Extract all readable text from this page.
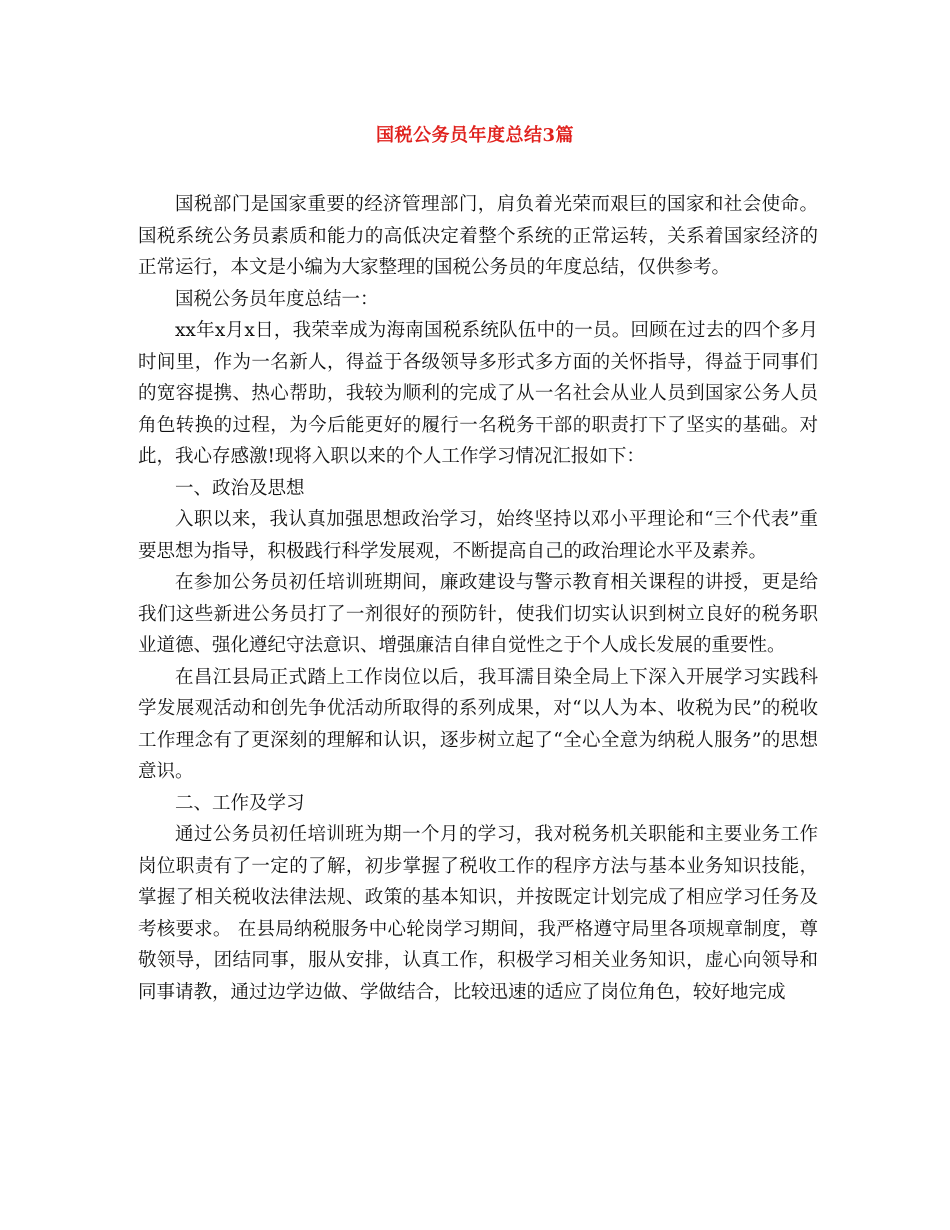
国税公务员年度总结3篇

国税部门是国家重要的经济管理部门，肩负着光荣而艰巨的国家和社会使命。国税系统公务员素质和能力的高低决定着整个系统的正常运转，关系着国家经济的正常运行，本文是小编为大家整理的国税公务员的年度总结，仅供参考。

国税公务员年度总结一：

xx年x月x日，我荣幸成为海南国税系统队伍中的一员。回顾在过去的四个多月时间里，作为一名新人，得益于各级领导多形式多方面的关怀指导，得益于同事们的宽容提携、热心帮助，我较为顺利的完成了从一名社会从业人员到国家公务人员角色转换的过程，为今后能更好的履行一名税务干部的职责打下了坚实的基础。对此，我心存感激!现将入职以来的个人工作学习情况汇报如下：

一、政治及思想

入职以来，我认真加强思想政治学习，始终坚持以邓小平理论和“三个代表”重要思想为指导，积极践行科学发展观，不断提高自己的政治理论水平及素养。

在参加公务员初任培训班期间，廉政建设与警示教育相关课程的讲授，更是给我们这些新进公务员打了一剂很好的预防针，使我们切实认识到树立良好的税务职业道德、强化遵纪守法意识、增强廉洁自律自觉性之于个人成长发展的重要性。

在昌江县局正式踏上工作岗位以后，我耳濡目染全局上下深入开展学习实践科学发展观活动和创先争优活动所取得的系列成果，对“以人为本、收税为民”的税收工作理念有了更深刻的理解和认识，逐步树立起了“全心全意为纳税人服务”的思想意识。

二、工作及学习

通过公务员初任培训班为期一个月的学习，我对税务机关职能和主要业务工作岗位职责有了一定的了解，初步掌握了税收工作的程序方法与基本业务知识技能，掌握了相关税收法律法规、政策的基本知识，并按既定计划完成了相应学习任务及考核要求。 在县局纳税服务中心轮岗学习期间，我严格遵守局里各项规章制度，尊敬领导，团结同事，服从安排，认真工作，积极学习相关业务知识，虚心向领导和同事请教，通过边学边做、学做结合，比较迅速的适应了岗位角色，较好地完成
